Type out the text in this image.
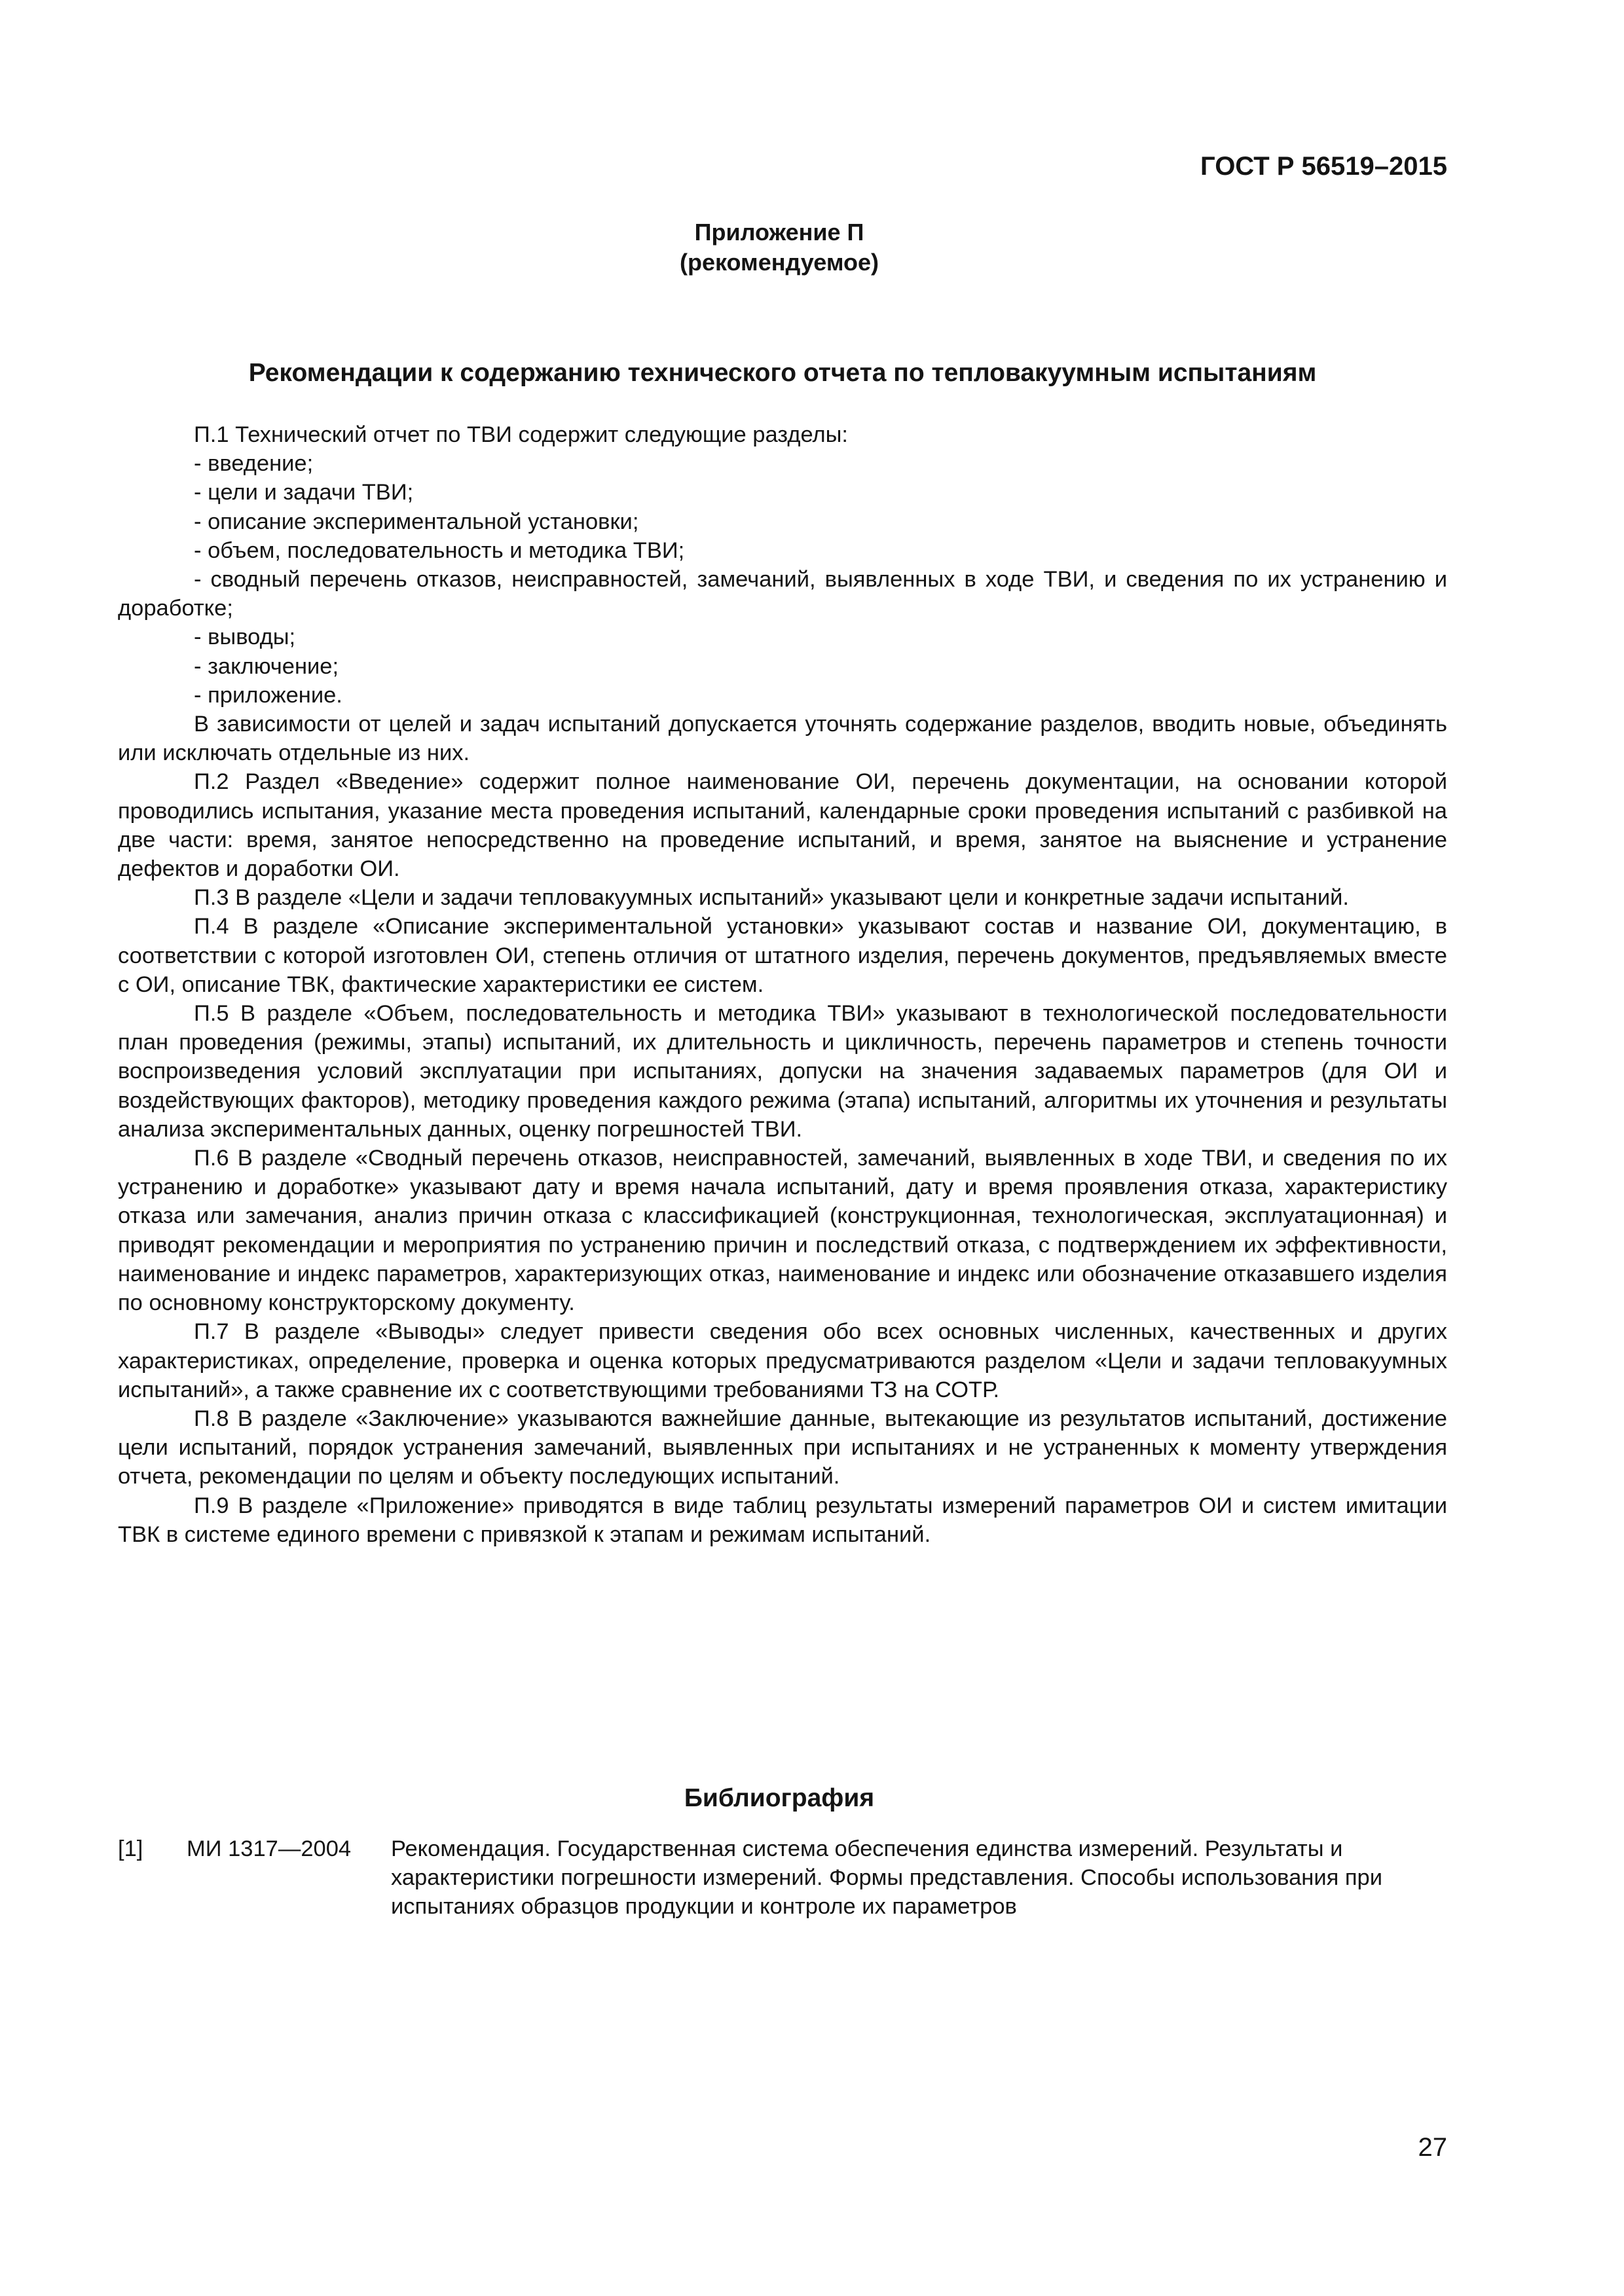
ГОСТ Р 56519–2015

Приложение П
(рекомендуемое)
Рекомендации к содержанию технического отчета по тепловакуумным испытаниям

П.1 Технический отчет по ТВИ содержит следующие разделы:

- введение;

- цели и задачи ТВИ;

- описание экспериментальной установки;

- объем, последовательность и методика ТВИ;

- сводный перечень отказов, неисправностей, замечаний, выявленных в ходе ТВИ, и сведения по их устранению и доработке;

- выводы;

- заключение;

- приложение.

В зависимости от целей и задач испытаний допускается уточнять содержание разделов, вводить новые, объединять или исключать отдельные из них.

П.2 Раздел «Введение» содержит полное наименование ОИ, перечень документации, на основании которой проводились испытания, указание места проведения испытаний, календарные сроки проведения испытаний с разбивкой на две части: время, занятое непосредственно на проведение испытаний, и время, занятое на выяснение и устранение дефектов и доработки ОИ.

П.3 В разделе «Цели и задачи тепловакуумных испытаний» указывают цели и конкретные задачи испытаний.

П.4 В разделе «Описание экспериментальной установки» указывают состав и название ОИ, документацию, в соответствии с которой изготовлен ОИ, степень отличия от штатного изделия, перечень документов, предъявляемых вместе с ОИ, описание ТВК, фактические характеристики ее систем.

П.5 В разделе «Объем, последовательность и методика ТВИ» указывают в технологической последовательности план проведения (режимы, этапы) испытаний, их длительность и цикличность, перечень параметров и степень точности воспроизведения условий эксплуатации при испытаниях, допуски на значения задаваемых параметров (для ОИ и воздействующих факторов), методику проведения каждого режима (этапа) испытаний, алгоритмы их уточнения и результаты анализа экспериментальных данных, оценку погрешностей ТВИ.

П.6 В разделе «Сводный перечень отказов, неисправностей, замечаний, выявленных в ходе ТВИ, и сведения по их устранению и доработке» указывают дату и время начала испытаний, дату и время проявления отказа, характеристику отказа или замечания, анализ причин отказа с классификацией (конструкционная, технологическая, эксплуатационная) и приводят рекомендации и мероприятия по устранению причин и последствий отказа, с подтверждением их эффективности, наименование и индекс параметров, характеризующих отказ, наименование и индекс или обозначение отказавшего изделия по основному конструкторскому документу.

П.7 В разделе «Выводы» следует привести сведения обо всех основных численных, качественных и других характеристиках, определение, проверка и оценка которых предусматриваются разделом «Цели и задачи тепловакуумных испытаний», а также сравнение их с соответствующими требованиями ТЗ на СОТР.

П.8 В разделе «Заключение» указываются важнейшие данные, вытекающие из результатов испытаний, достижение цели испытаний, порядок устранения замечаний, выявленных при испытаниях и не устраненных к моменту утверждения отчета, рекомендации по целям и объекту последующих испытаний.

П.9 В разделе «Приложение» приводятся в виде таблиц результаты измерений параметров ОИ и систем имитации ТВК в системе единого времени с привязкой к этапам и режимам испытаний.

Библиография
[1] МИ 1317—2004 Рекомендация. Государственная система обеспечения единства измерений. Результаты и характеристики погрешности измерений. Формы представления. Способы использования при испытаниях образцов продукции и контроле их параметров

27
